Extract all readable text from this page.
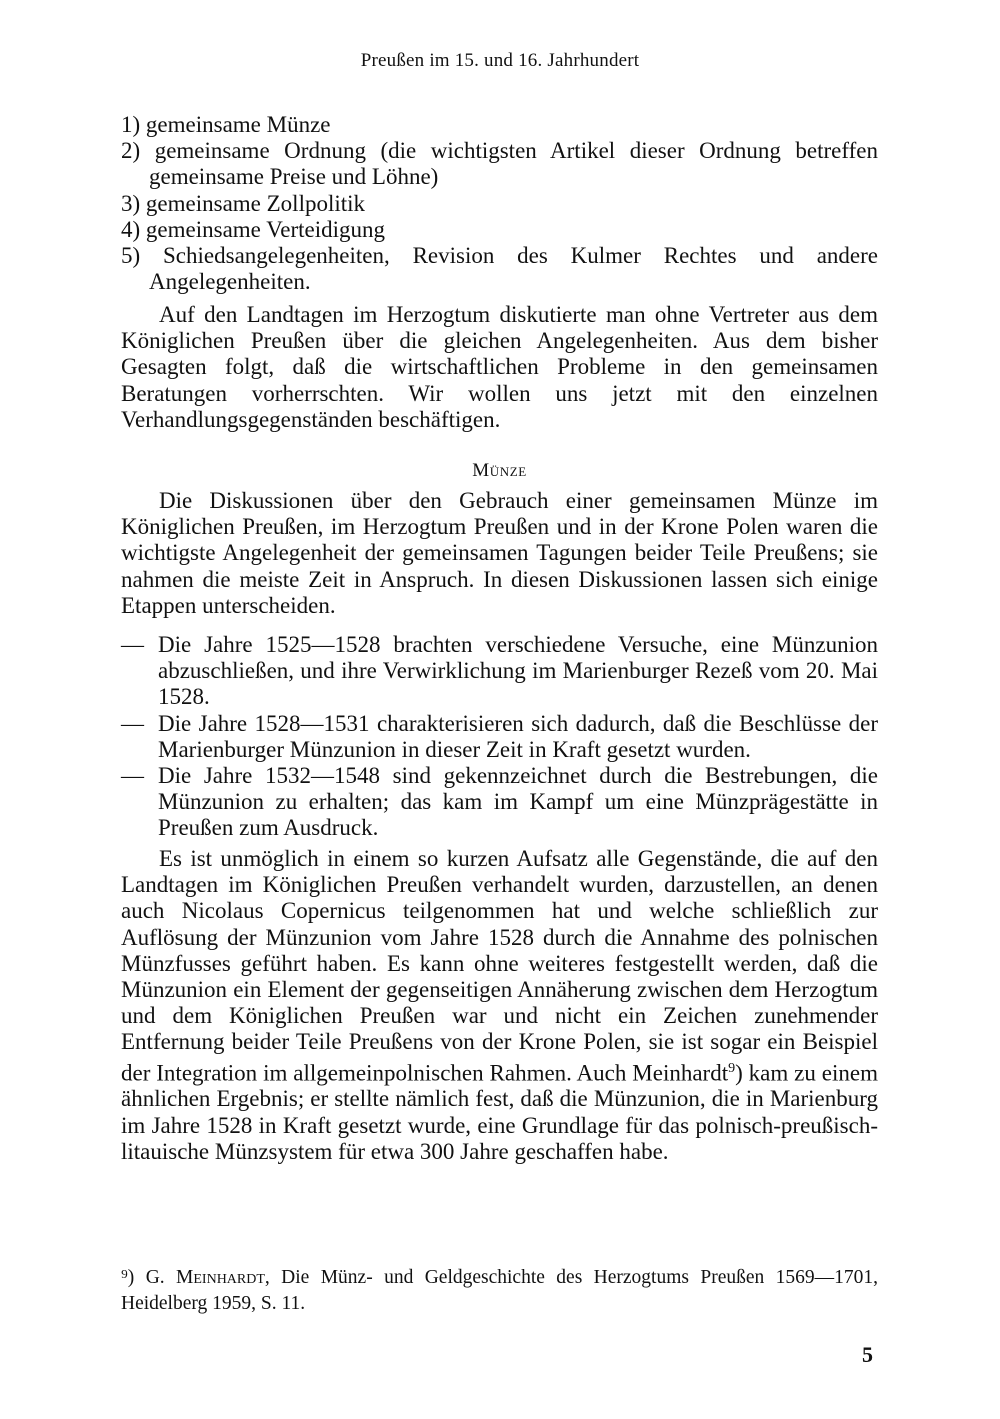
Preußen im 15. und 16. Jahrhundert
1) gemeinsame Münze
2) gemeinsame Ordnung (die wichtigsten Artikel dieser Ordnung betreffen gemeinsame Preise und Löhne)
3) gemeinsame Zollpolitik
4) gemeinsame Verteidigung
5) Schiedsangelegenheiten, Revision des Kulmer Rechtes und andere Angelegenheiten.

Auf den Landtagen im Herzogtum diskutierte man ohne Vertreter aus dem Königlichen Preußen über die gleichen Angelegenheiten. Aus dem bisher Gesagten folgt, daß die wirtschaftlichen Probleme in den gemeinsamen Beratungen vorherrschten. Wir wollen uns jetzt mit den einzelnen Verhandlungsgegenständen beschäftigen.

Münze

Die Diskussionen über den Gebrauch einer gemeinsamen Münze im Königlichen Preußen, im Herzogtum Preußen und in der Krone Polen waren die wichtigste Angelegenheit der gemeinsamen Tagungen beider Teile Preußens; sie nahmen die meiste Zeit in Anspruch. In diesen Diskussionen lassen sich einige Etappen unterscheiden.

— Die Jahre 1525—1528 brachten verschiedene Versuche, eine Münzunion abzuschließen, und ihre Verwirklichung im Marienburger Rezeß vom 20. Mai 1528.
— Die Jahre 1528—1531 charakterisieren sich dadurch, daß die Beschlüsse der Marienburger Münzunion in dieser Zeit in Kraft gesetzt wurden.
— Die Jahre 1532—1548 sind gekennzeichnet durch die Bestrebungen, die Münzunion zu erhalten; das kam im Kampf um eine Münzprägestätte in Preußen zum Ausdruck.

Es ist unmöglich in einem so kurzen Aufsatz alle Gegenstände, die auf den Landtagen im Königlichen Preußen verhandelt wurden, darzustellen, an denen auch Nicolaus Copernicus teilgenommen hat und welche schließlich zur Auflösung der Münzunion vom Jahre 1528 durch die Annahme des polnischen Münzfusses geführt haben. Es kann ohne weiteres festgestellt werden, daß die Münzunion ein Element der gegenseitigen Annäherung zwischen dem Herzogtum und dem Königlichen Preußen war und nicht ein Zeichen zunehmender Entfernung beider Teile Preußens von der Krone Polen, sie ist sogar ein Beispiel der Integration im allgemeinpolnischen Rahmen. Auch Meinhardt$^9$) kam zu einem ähnlichen Ergebnis; er stellte nämlich fest, daß die Münzunion, die in Marienburg im Jahre 1528 in Kraft gesetzt wurde, eine Grundlage für das polnisch-preußisch-litauische Münzsystem für etwa 300 Jahre geschaffen habe.

⁹) G. Meinhardt, Die Münz- und Geldgeschichte des Herzogtums Preußen 1569—1701, Heidelberg 1959, S. 11.
5
